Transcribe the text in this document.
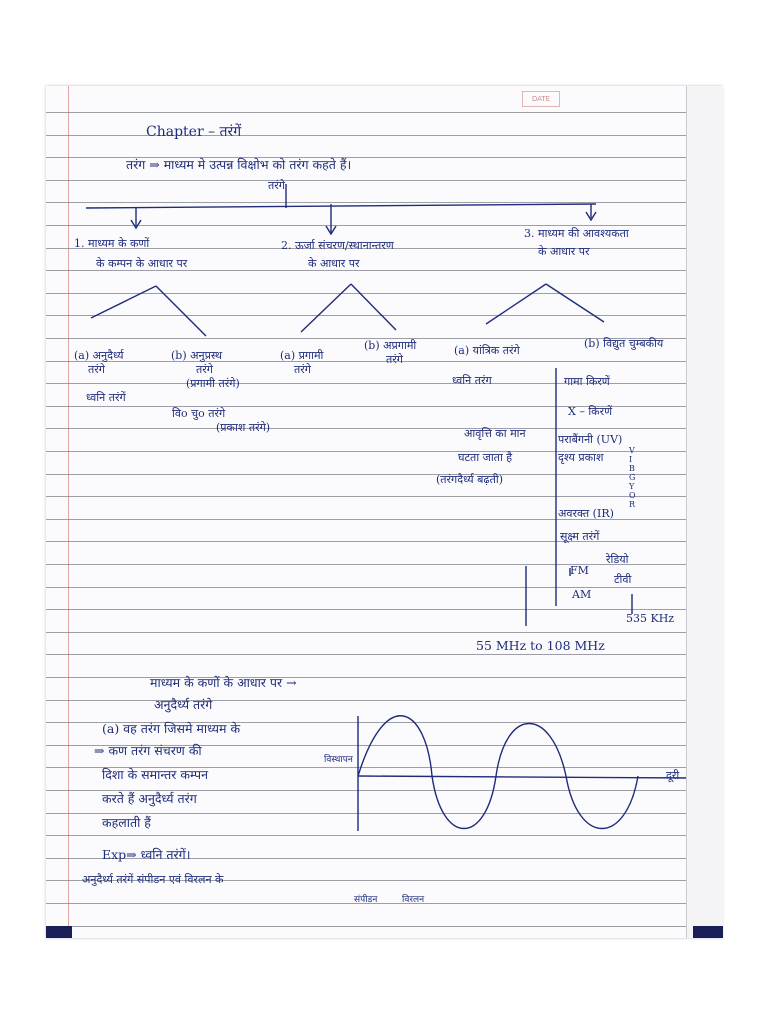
DATE
Chapter – तरंगें
तरंग ⇒ माध्यम मे उत्पन्न विक्षोभ को तरंग कहते हैं।
तरंगे
1. माध्यम के कणों
के कम्पन के आधार पर
2. ऊर्जा संचरण/स्थानान्तरण
के आधार पर
3. माध्यम की आवश्यकता
के आधार पर
(a) अनुदैर्ध्य
तरंगे
(b) अनुप्रस्थ
तरंगे
(प्रगामी तरंगे)
(a) प्रगामी
तरंगे
(b) अप्रगामी
तरंगे
(a) यांत्रिक तरंगे
(b) विद्युत चुम्बकीय
ध्वनि तरंगें
विo चुo तरंगे
(प्रकाश तरंगे)
ध्वनि तरंग	गामा किरणें
X – किरणें
पराबैंगनी (UV)
दृश्य प्रकाश
अवरक्त (IR)
सूक्ष्म तरंगें
रेडियो
FM
टीवी
AM
535 KHz
V
I
B
G
Y
O
R
आवृत्ति का मान
घटता जाता है
(तरंगदैर्ध्य बढ़ती)
55 MHz to 108 MHz
माध्यम के कणों के आधार पर →
अनुदैर्ध्य तरंगे
(a) वह तरंग जिसमे माध्यम के
⇒ कण तरंग संचरण की
दिशा के समान्तर कम्पन
करते हैं अनुदैर्ध्य तरंग
कहलाती हैं
Exp⇒ ध्वनि तरंगें।
अनुदैर्ध्य तरंगें संपीडन एवं विरलन के
विस्थापन
दूरी
संपीडन	विरलन
